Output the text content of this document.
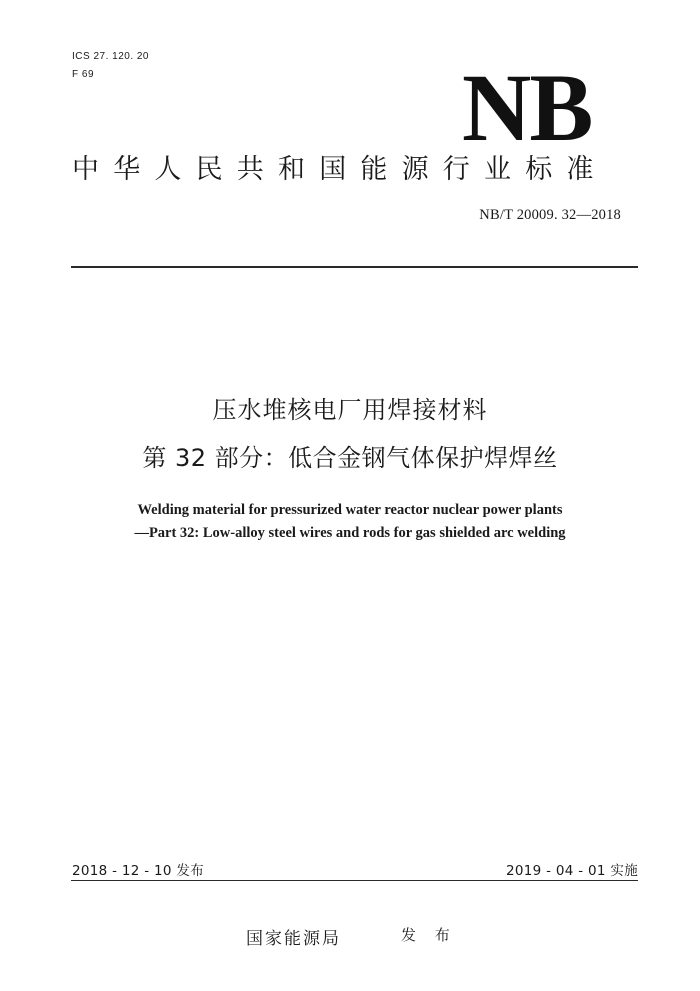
ICS 27. 120. 20
F 69	NB
中华人民共和国能源行业标准
NB/T 20009. 32—2018
压水堆核电厂用焊接材料
第 32 部分：低合金钢气体保护焊焊丝
Welding material for pressurized water reactor nuclear power plants
—Part 32: Low-alloy steel wires and rods for gas shielded arc welding
2018 - 12 - 10 发布	2019 - 04 - 01 实施
国家能源局	发 布
